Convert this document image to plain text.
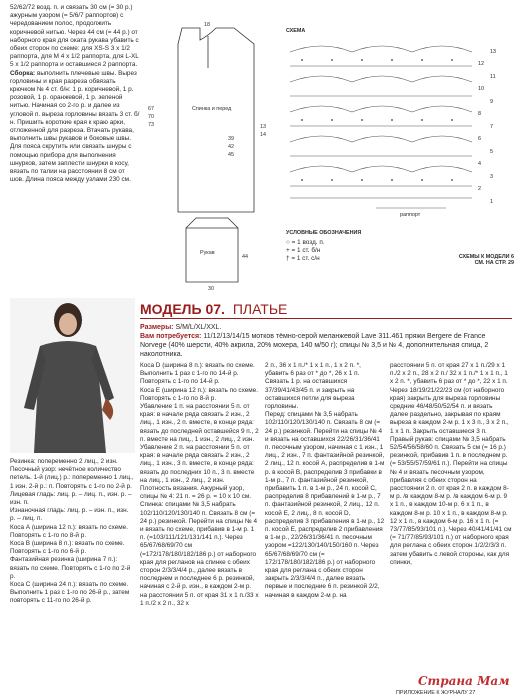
52/62/72 возд. п. и связать 30 см (= 30 р.) ажурным узором (= 5/6/7 раппортов) с чередованием полос, продолжить коричневой нитью. Через 44 см (= 44 р.) от наборного края для оката рукава убавить с обеих сторон по схеме: для XS-S 3 х 1/2 раппорта, для M 4 х 1/2 раппорта, для L-XL 5 х 1/2 раппорта и оставшиеся 2 раппорта.

Сборка: выполнить плечевые швы. Вырез горловины и края разреза обвязать крючком № 4 ст. б/н: 1 р. коричневой, 1 р. розовой, 1 р. оранжевой, 1 р. зеленой нитью. Начиная со 2-го р. и далее из угловой п. выреза горловины вязать 3 ст. б/н. Пришить короткие края к краю арки, отложенной для разреза. Втачать рукава, выполнить швы рукавов и боковые швы. Для пояса скрутить или связать шнуры с помощью прибора для выполнения шнурков, затем заплести шнурки в косу, вязать по талии на расстоянии 8 см от шов. Длина пояса между узлами 230 см.

18
67
70
73
39
42
45
13
14
Спинка и перед
Рукав
44
30
СХЕМА
13
11
9
7
5
3
1
12
10
8
6
4
2
раппорт
УСЛОВНЫЕ ОБОЗНАЧЕНИЯ
○ = 1 возд. п.
+ = 1 ст. б/н
† = 1 ст. с/н	СХЕМЫ К МОДЕЛИ 6
СМ. НА СТР. 29
МОДЕЛЬ 07. ПЛАТЬЕ
Размеры: S/M/L/XL/XXL.
Вам потребуется: 11/12/13/14/15 мотков тёмно-серой меланжевой Lave 311.461 пряжи Bergere de France Norvege (40% шерсти, 40% акрила, 20% мохера, 140 м/50 г); спицы № 3,5 и № 4, дополнительная спица, 2 наколотника.
Резинка: попеременно 2 лиц., 2 изн.
Песочный узор: нечётное количество петель. 1-й (лиц.) р.: попеременно 1 лиц., 1 изн. 2-й р.: п. Повторять с 1-го по 2-й р.
Лицевая гладь: лиц. р. – лиц. п., изн. р. – изн. п.
Изнаночная гладь: лиц. р. – изн. п., изн. р. – лиц. п.
Коса А (ширина 12 п.): вязать по схеме. Повторять с 1-го по 8-й р.
Коса В (ширина 8 п.): вязать по схеме. Повторять с 1-го по 6-й р.
Фантазийная резинка (ширина 7 п.): вязать по схеме. Повторять с 1-го по 2-й р.
Коса С (ширина 24 п.): вязать по схеме. Выполнить 1 раз с 1-го по 26-й р., затем повторять с 11-го по 26-й р.
Коса D (ширина 8 п.): вязать по схеме. Выполнить 1 раз с 1-го по 14-й р. Повторять с 1-го по 14-й р.
Коса Е (ширина 12 п.): вязать по схеме. Повторять с 1-го по 8-й р.
Убавление 1 п. на расстоянии 5 п. от края: в начале ряда связать 2 изн., 2 лиц., 1 изн., 2 п. вместе, в конце ряда: вязать до последней оставшейся 9 п., 2 п. вместе на лиц., 1 изн., 2 лиц., 2 изн.
Убавление 2 п. на расстоянии 5 п. от края: в начале ряда связать 2 изн., 2 лиц., 1 изн., 3 п. вместе, в конце ряда: вязать до последних 10 п., 3 п. вместе на лиц., 1 изн., 2 лиц., 2 изн.
Плотность вязания. Ажурный узор, спицы № 4: 21 п. = 26 р. = 10 х 10 см.
Спинка: спицами № 3,5 набрать 102/110/120/130/140 п. Связать 8 см (= 24 р.) резинкой. Перейти на спицы № 4 и вязать по схеме, прибавив в 1-м р. 1 п. (=103/111/121/131/141 п.). Через 65/67/68/69/70 см (=172/178/180/182/186 р.) от наборного края для регланов на спинке с обеих сторон 2/3/3/4/4 р., далее вязать в последнем и последнее 6 р. резинкой, начиная с 2-й р. изн., в каждом 2-м р. на расстоянии 5 п. от края 31 х 1 п./33 х 1 п./2 х 2 п., 32 х
2 п., 36 х 1 п./* 1 х 1 п., 1 х 2 п. *, убавить 6 раз от * до *, 26 х 1 п. Связать 1 р. на оставшихся 37/39/41/43/45 п. и закрыть на оставшихся петли для выреза горловины.
Перед: спицами № 3,5 набрать 102/110/120/130/140 п. Связать 8 см (= 24 р.) резинкой. Перейти на спицы № 4 и вязать на оставшихся 22/26/31/36/41 п. песочным узором, начиная с 1 изн., 1 лиц., 2 изн., 7 п. фантазийной резинкой, 2 лиц., 12 п. косой А, распределив в 1-м р. в косой В, распределив 3 прибавки в 1-м р., 7 п. фантазийной резинкой, прибавить 1 п. в 1-м р., 24 п. косой С, распределив 8 прибавлений в 1-м р., 7 п. фантазийной резинкой, 2 лиц., 12 п. косой Е, 2 лиц., 8 п. косой D, распределив 3 прибавления в 1-м р., 12 п. косой Е, распределив 2 прибавления в 1-м р., 22/26/31/36/41 п. песочным узором =122/130/140/150/160 п. Через 65/67/68/69/70 см (= 172/178/180/182/186 р.) от наборного края для реглана с обеих сторон закрыть 2/3/3/4/4 п., далее вязать первые и последние 6 п. резинкой 2/2, начиная в каждом 2-м р. на
расстоянии 5 п. от края 27 х 1 п./29 х 1 п./2 х 2 п., 28 х 2 п./ 32 х 1 п./* 1 х 1 п., 1 х 2 п. *, убавить 6 раз от * до *, 22 х 1 п. Через 18/19/21/22/23 см (от наборного края) закрыть для выреза горловины средние 46/48/50/52/54 п. и вязать далее раздельно, закрывая по краям выреза в каждом 2-м р. 1 х 3 п., 3 х 2 п., 1 х 1 п. Закрыть оставшиеся 3 п.
Правый рукав: спицами № 3,5 набрать 52/54/56/58/60 п. Связать 5 см (= 16 р.) резинкой, прибавив 1 п. в последнем р. (= 53/55/57/59/61 п.). Перейти на спицы № 4 и вязать песочным узором, прибавляя с обеих сторон на расстоянии 2 п. от края 2 п. в каждом 8-м р. /в каждом 8-м р. /в каждом 6-м р. 9 х 1 п., в каждом 10-м р. 6 х 1 п., в каждом 8-м р. 10 х 1 п., в каждом 8-м р. 12 х 1 п., в каждом 6-м р. 16 х 1 п. (= 73/77/85/93/101 п.). Через 40/41/41/41 см (= 71/77/85/93/101 п.) от наборного края для реглана с обеих сторон 1/2/2/3/3 п. затем убавить с левой стороны, как для спинки,
ПРИЛОЖЕНИЕ К ЖУРНАЛУ 27
Страна Мам
